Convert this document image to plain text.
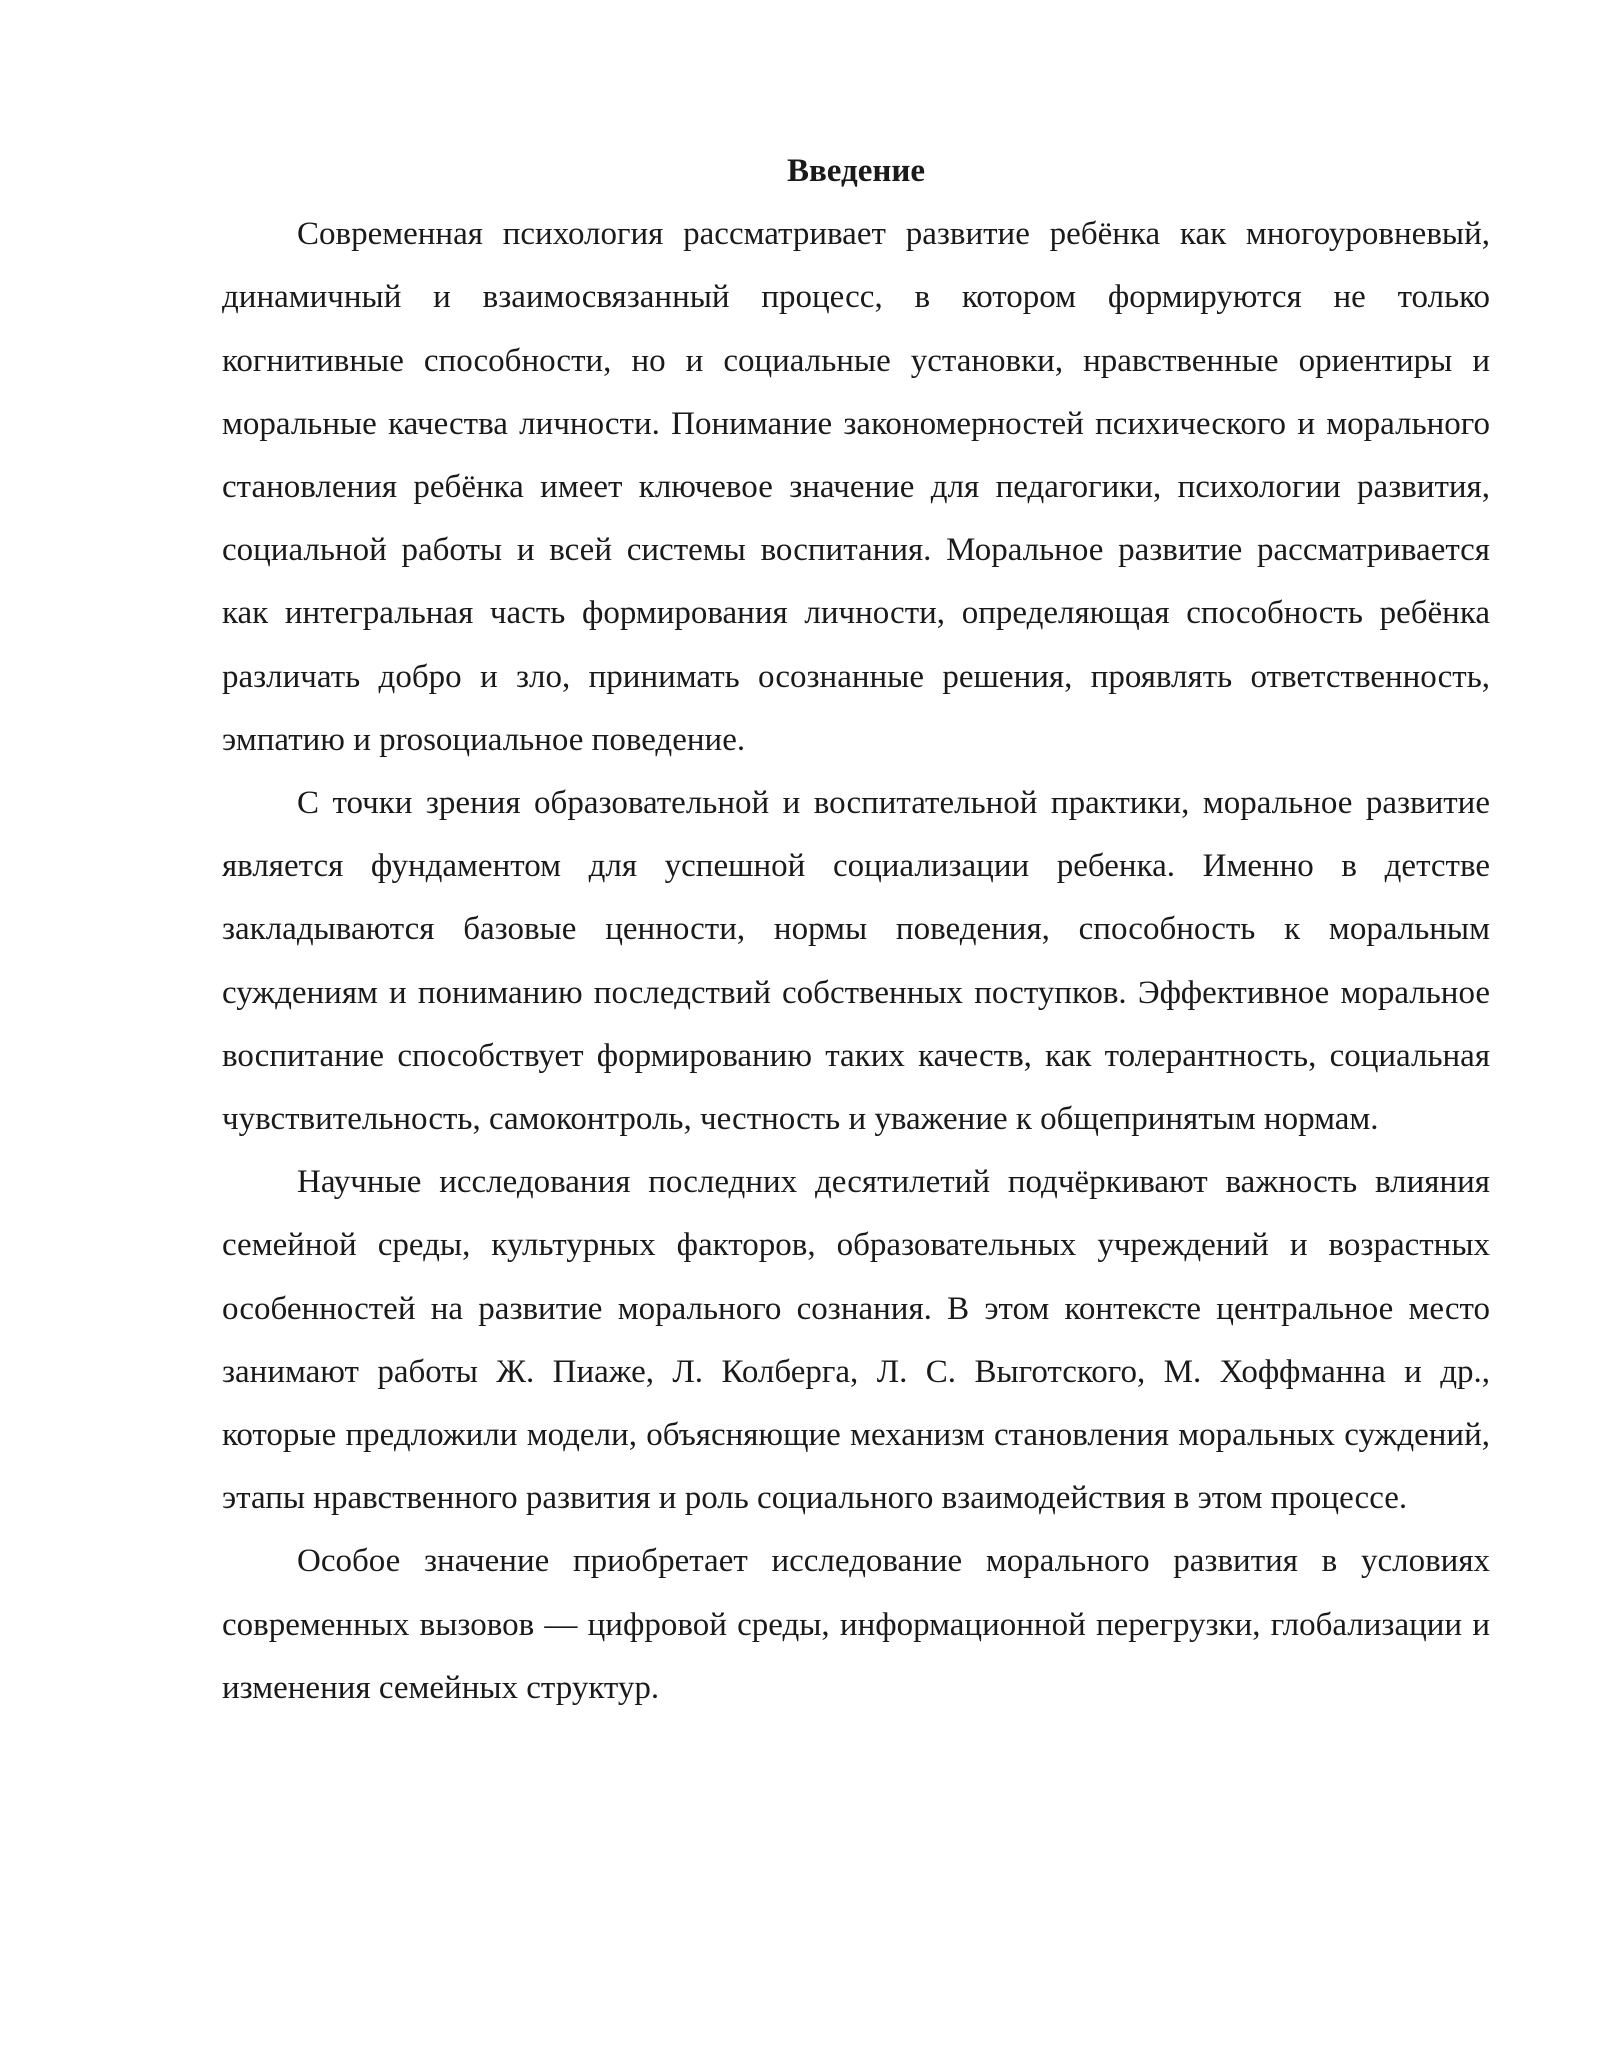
Введение

Современная психология рассматривает развитие ребёнка как многоуровневый, динамичный и взаимосвязанный процесс, в котором формируются не только когнитивные способности, но и социальные установки, нравственные ориентиры и моральные качества личности. Понимание закономерностей психического и морального становления ребёнка имеет ключевое значение для педагогики, психологии развития, социальной работы и всей системы воспитания. Моральное развитие рассматривается как интегральная часть формирования личности, определяющая способность ребёнка различать добро и зло, принимать осознанные решения, проявлять ответственность, эмпатию и prosоциальное поведение.

С точки зрения образовательной и воспитательной практики, моральное развитие является фундаментом для успешной социализации ребенка. Именно в детстве закладываются базовые ценности, нормы поведения, способность к моральным суждениям и пониманию последствий собственных поступков. Эффективное моральное воспитание способствует формированию таких качеств, как толерантность, социальная чувствительность, самоконтроль, честность и уважение к общепринятым нормам.

Научные исследования последних десятилетий подчёркивают важность влияния семейной среды, культурных факторов, образовательных учреждений и возрастных особенностей на развитие морального сознания. В этом контексте центральное место занимают работы Ж. Пиаже, Л. Колберга, Л. С. Выготского, М. Хоффманна и др., которые предложили модели, объясняющие механизм становления моральных суждений, этапы нравственного развития и роль социального взаимодействия в этом процессе.

Особое значение приобретает исследование морального развития в условиях современных вызовов — цифровой среды, информационной перегрузки, глобализации и изменения семейных структур.
